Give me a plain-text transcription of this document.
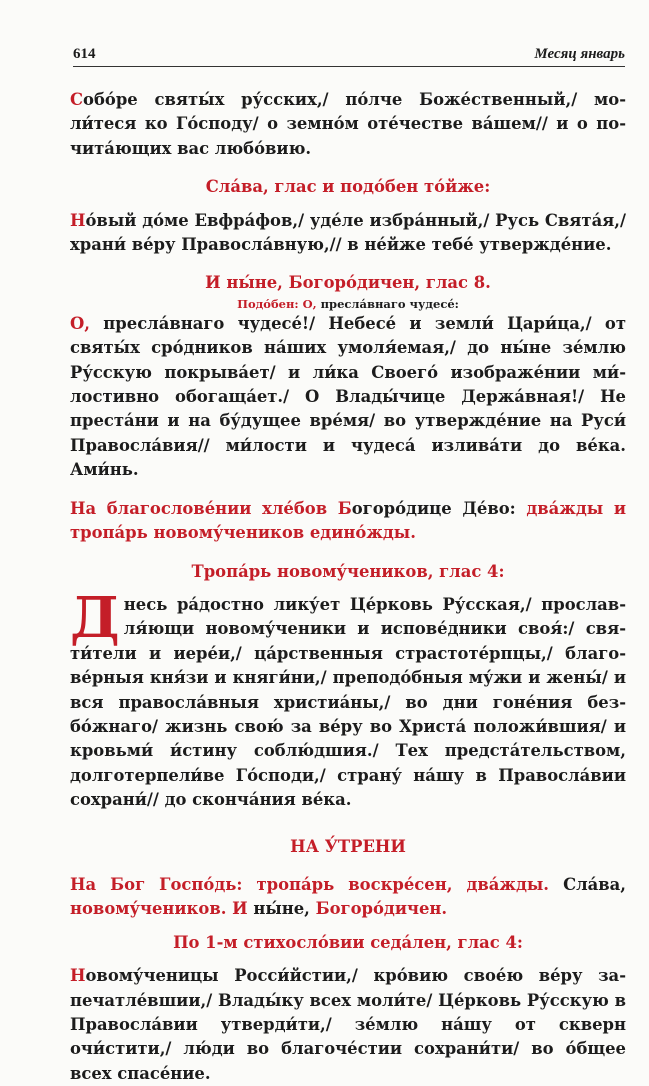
614	Месяц январь

Собо́ре святы́х ру́сских,/ по́лче Боже́ственный,/ моли́тeся ко Го́споду/ о земно́м оте́честве ва́шем// и о почита́ющих вас любо́вию.

Сла́ва, глас и подо́бен то́йже:

Но́вый до́ме Евфра́фов,/ уде́ле избра́нный,/ Русь Свята́я,/ храни́ ве́ру Правосла́вную,// в не́йже тебе́ утвержде́ние.

И ны́не, Богоро́дичен, глас 8.

Подо́бен: О, преслáвнаго чудесé:

О, пресла́внаго чудесе́!/ Небесе́ и земли́ Цари́ца,/ от святы́х сро́дников на́ших умоля́емая,/ до ны́не зе́млю Ру́сскую покрыва́ет/ и ли́ка Своего́ изображе́нии ми́лостивно обогаща́ет./ О Влады́чице Держа́вная!/ Не преста́ни и на бу́дущее вре́мя/ во утвержде́ние на Руси́ Правосла́вия// ми́лости и чудеса́ излива́ти до ве́ка. Ами́нь.

На благослове́нии хле́бов Богоро́дице Де́во: два́жды и тропа́рь новому́чеников едино́жды.

Тропа́рь новому́чеников, глас 4:

Д несь ра́достно лику́ет Це́рковь Ру́сская,/ прославля́ющи новому́ченики и испове́дники своя́:/ святи́тели и иере́и,/ ца́рственныя страстоте́рпцы,/ благове́рныя кня́зи и княги́ни,/ преподо́бныя му́жи и жены́/ и вся правосла́вныя христиа́ны,/ во дни гоне́ния безбо́жнаго/ жизнь свою́ за ве́ру во Христа́ положи́вшия/ и кровьми́ и́стину соблю́дшия./ Тех предста́тельством, долготерпели́ве Го́споди,/ страну́ на́шу в Правосла́вии сохрани́// до сконча́ния ве́ка.

НА У́ТРЕНИ

На Бог Госпо́дь: тропа́рь воскре́сен, два́жды. Сла́ва, новому́чеников. И ны́не, Богоро́дичен.

По 1-м стихосло́вии седа́лен, глас 4:

Новому́ченицы Росси́йстии,/ кро́вию свое́ю ве́ру запечатле́вшии,/ Влады́ку всех моли́те/ Це́рковь Ру́сскую в Правосла́вии утверди́ти,/ зе́млю на́шу от скверн очи́стити,/ лю́ди во благоче́стии сохрани́ти/ во о́бщее всех спасе́ние.
